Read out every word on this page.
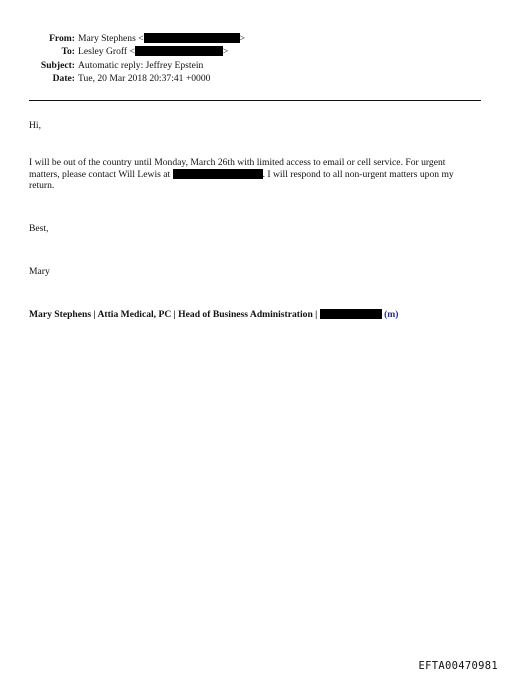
From: Mary Stephens <	>
To: Lesley Groff <	>
Subject: Automatic reply: Jeffrey Epstein
Date: Tue, 20 Mar 2018 20:37:41 +0000
Hi,
I will be out of the country until Monday, March 26th with limited access to email or cell service. For urgent matters, please contact Will Lewis at	. I will respond to all non-urgent matters upon my return.
Best,
Mary
Mary Stephens | Attia Medical, PC | Head of Business Administration |	(m)
EFTA00470981
